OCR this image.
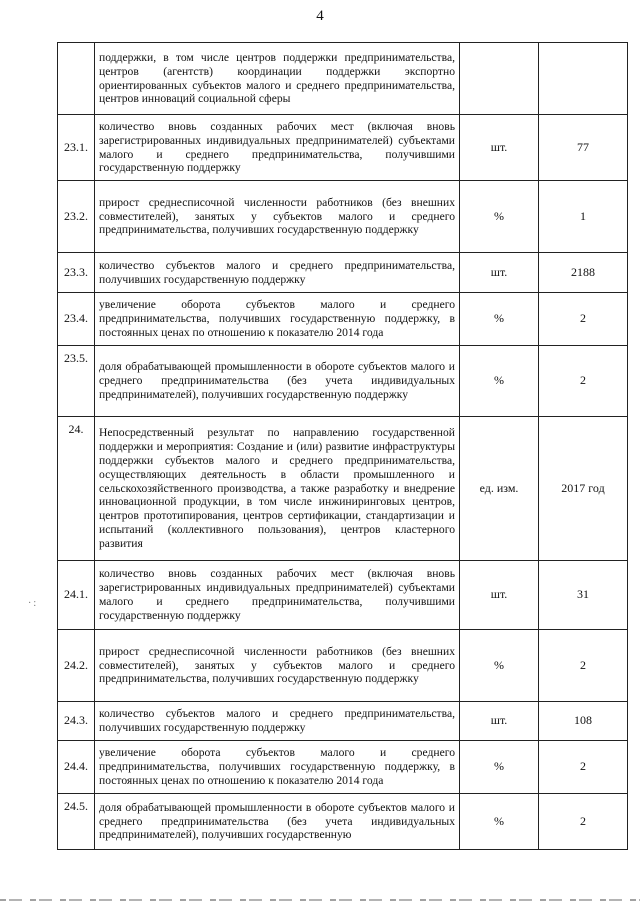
4
	поддержки, в том числе центров поддержки предпринимательства, центров (агентств) координации поддержки экспортно ориентированных субъектов малого и среднего предпринимательства, центров инноваций социальной сферы		
23.1.	количество вновь созданных рабочих мест (включая вновь зарегистрированных индивидуальных предпринимателей) субъектами малого и среднего предпринимательства, получившими государственную поддержку	шт.	77
23.2.	прирост среднесписочной численности работников (без внешних совместителей), занятых у субъектов малого и среднего предпринимательства, получивших государственную поддержку	%	1
23.3.	количество субъектов малого и среднего предпринимательства, получивших государственную поддержку	шт.	2188
23.4.	увеличение оборота субъектов малого и среднего предпринимательства, получивших государственную поддержку, в постоянных ценах по отношению к показателю 2014 года	%	2
23.5.	доля обрабатывающей промышленности в обороте субъектов малого и среднего предпринимательства (без учета индивидуальных предпринимателей), получивших государственную поддержку	%	2
24.	Непосредственный результат по направлению государственной поддержки и мероприятия: Создание и (или) развитие инфраструктуры поддержки субъектов малого и среднего предпринимательства, осуществляющих деятельность в области промышленного и сельскохозяйственного производства, а также разработку и внедрение инновационной продукции, в том числе инжиниринговых центров, центров прототипирования, центров сертификации, стандартизации и испытаний (коллективного пользования), центров кластерного развития	ед. изм.	2017 год
24.1.	количество вновь созданных рабочих мест (включая вновь зарегистрированных индивидуальных предпринимателей) субъектами малого и среднего предпринимательства, получившими государственную поддержку	шт.	31
24.2.	прирост среднесписочной численности работников (без внешних совместителей), занятых у субъектов малого и среднего предпринимательства, получивших государственную поддержку	%	2
24.3.	количество субъектов малого и среднего предпринимательства, получивших государственную поддержку	шт.	108
24.4.	увеличение оборота субъектов малого и среднего предпринимательства, получивших государственную поддержку, в постоянных ценах по отношению к показателю 2014 года	%	2
24.5.	доля обрабатывающей промышленности в обороте субъектов малого и среднего предпринимательства (без учета индивидуальных предпринимателей), получивших государственную	%	2
·:
